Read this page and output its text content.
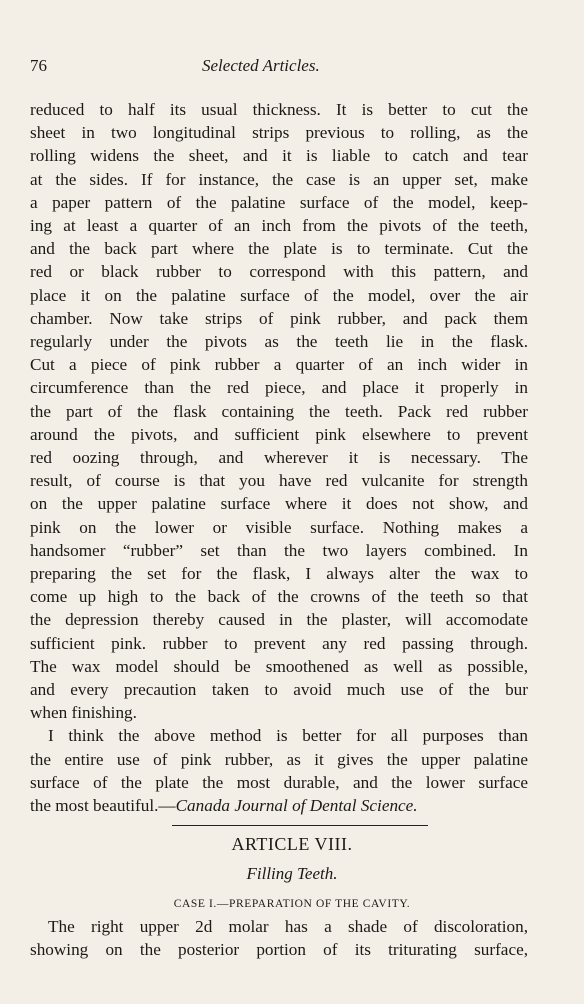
76	Selected Articles.
reduced to half its usual thickness. It is better to cut the
sheet in two longitudinal strips previous to rolling, as the
rolling widens the sheet, and it is liable to catch and tear
at the sides. If for instance, the case is an upper set, make
a paper pattern of the palatine surface of the model, keep-
ing at least a quarter of an inch from the pivots of the teeth,
and the back part where the plate is to terminate. Cut the
red or black rubber to correspond with this pattern, and
place it on the palatine surface of the model, over the air
chamber. Now take strips of pink rubber, and pack them
regularly under the pivots as the teeth lie in the flask.
Cut a piece of pink rubber a quarter of an inch wider in
circumference than the red piece, and place it properly in
the part of the flask containing the teeth. Pack red rubber
around the pivots, and sufficient pink elsewhere to prevent
red oozing through, and wherever it is necessary. The
result, of course is that you have red vulcanite for strength
on the upper palatine surface where it does not show, and
pink on the lower or visible surface. Nothing makes a
handsomer “rubber” set than the two layers combined. In
preparing the set for the flask, I always alter the wax to
come up high to the back of the crowns of the teeth so that
the depression thereby caused in the plaster, will accomodate
sufficient pink. rubber to prevent any red passing through.
The wax model should be smoothened as well as possible,
and every precaution taken to avoid much use of the bur
when finishing.
I think the above method is better for all purposes than
the entire use of pink rubber, as it gives the upper palatine
surface of the plate the most durable, and the lower surface
the most beautiful.—Canada Journal of Dental Science.
ARTICLE VIII.
Filling Teeth.
CASE I.—PREPARATION OF THE CAVITY.
The right upper 2d molar has a shade of discoloration,
showing on the posterior portion of its triturating surface,
